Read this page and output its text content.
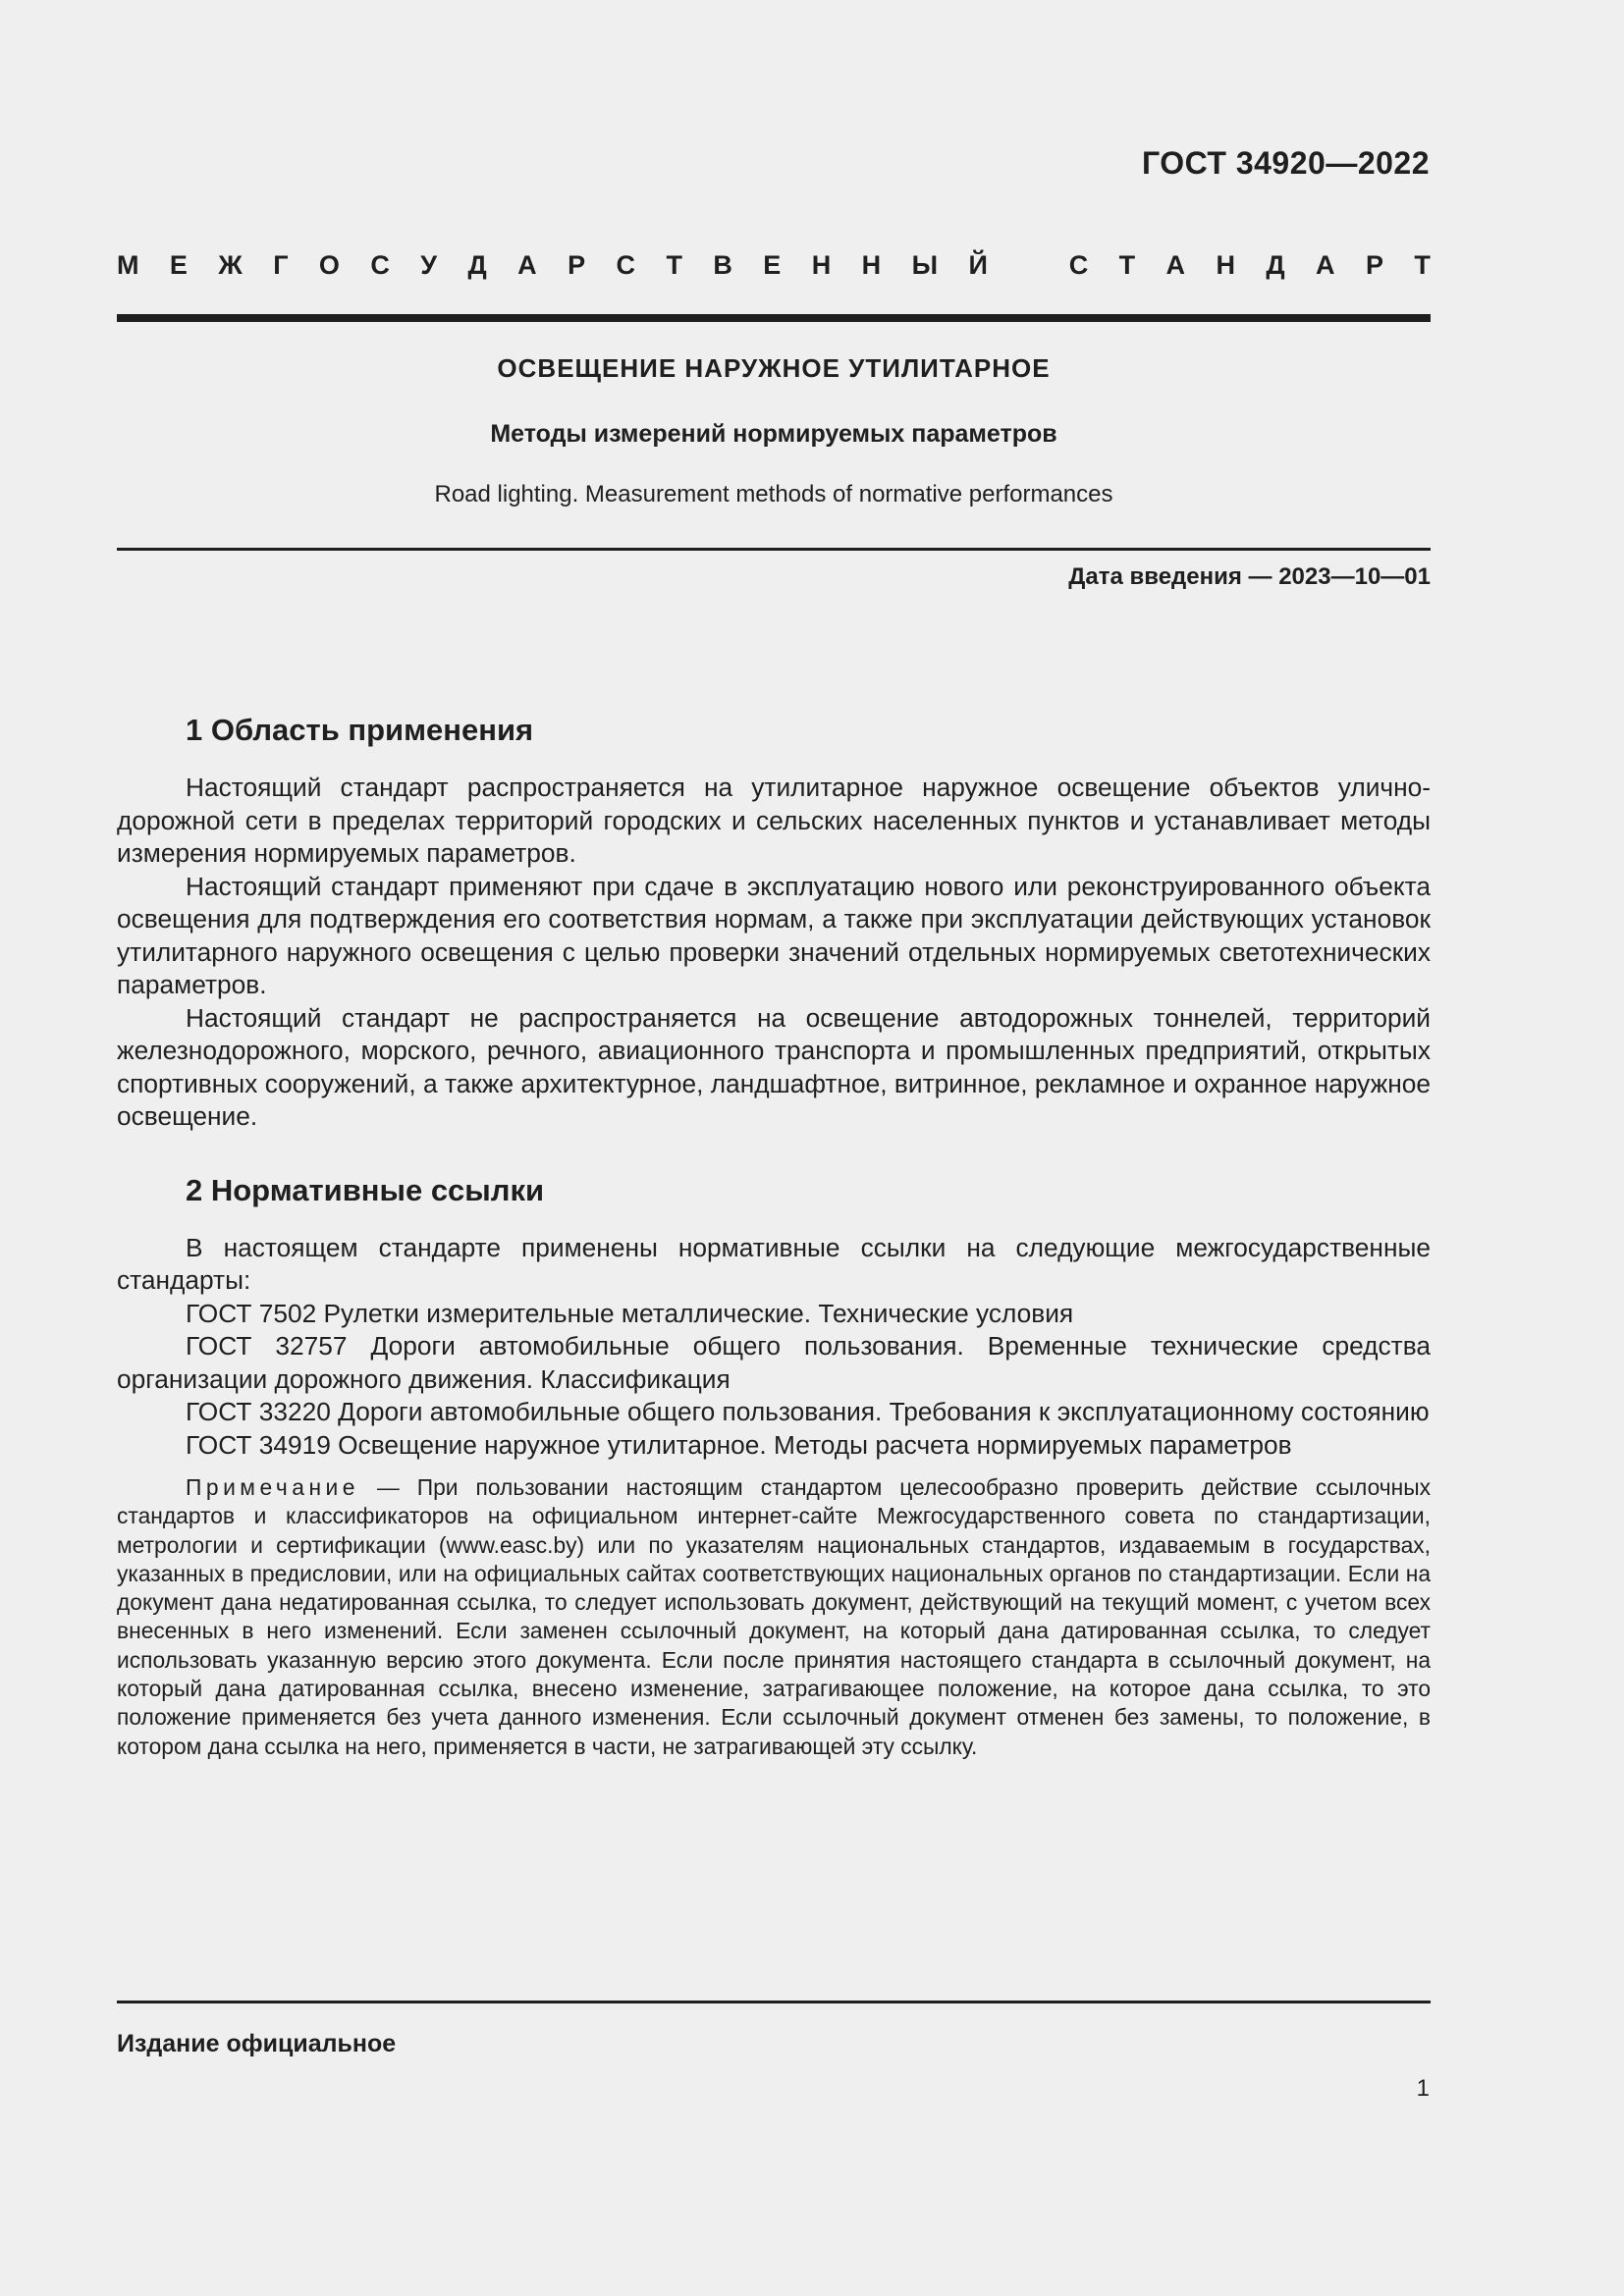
ГОСТ 34920—2022
М Е Ж Г О С У Д А Р С Т В Е Н Н Ы Й	С Т А Н Д А Р Т
ОСВЕЩЕНИЕ НАРУЖНОЕ УТИЛИТАРНОЕ
Методы измерений нормируемых параметров
Road lighting. Measurement methods of normative performances
Дата введения — 2023—10—01
1 Область применения

Настоящий стандарт распространяется на утилитарное наружное освещение объектов улично-дорожной сети в пределах территорий городских и сельских населенных пунктов и устанавливает методы измерения нормируемых параметров.

Настоящий стандарт применяют при сдаче в эксплуатацию нового или реконструированного объекта освещения для подтверждения его соответствия нормам, а также при эксплуатации действующих установок утилитарного наружного освещения с целью проверки значений отдельных нормируемых светотехнических параметров.

Настоящий стандарт не распространяется на освещение автодорожных тоннелей, территорий железнодорожного, морского, речного, авиационного транспорта и промышленных предприятий, открытых спортивных сооружений, а также архитектурное, ландшафтное, витринное, рекламное и охранное наружное освещение.

2 Нормативные ссылки

В настоящем стандарте применены нормативные ссылки на следующие межгосударственные стандарты:

ГОСТ 7502 Рулетки измерительные металлические. Технические условия
ГОСТ 32757 Дороги автомобильные общего пользования. Временные технические средства организации дорожного движения. Классификация
ГОСТ 33220 Дороги автомобильные общего пользования. Требования к эксплуатационному состоянию
ГОСТ 34919 Освещение наружное утилитарное. Методы расчета нормируемых параметров

Примечание — При пользовании настоящим стандартом целесообразно проверить действие ссылочных стандартов и классификаторов на официальном интернет-сайте Межгосударственного совета по стандартизации, метрологии и сертификации (www.easc.by) или по указателям национальных стандартов, издаваемым в государствах, указанных в предисловии, или на официальных сайтах соответствующих национальных органов по стандартизации. Если на документ дана недатированная ссылка, то следует использовать документ, действующий на текущий момент, с учетом всех внесенных в него изменений. Если заменен ссылочный документ, на который дана датированная ссылка, то следует использовать указанную версию этого документа. Если после принятия настоящего стандарта в ссылочный документ, на который дана датированная ссылка, внесено изменение, затрагивающее положение, на которое дана ссылка, то это положение применяется без учета данного изменения. Если ссылочный документ отменен без замены, то положение, в котором дана ссылка на него, применяется в части, не затрагивающей эту ссылку.

Издание официальное
1
